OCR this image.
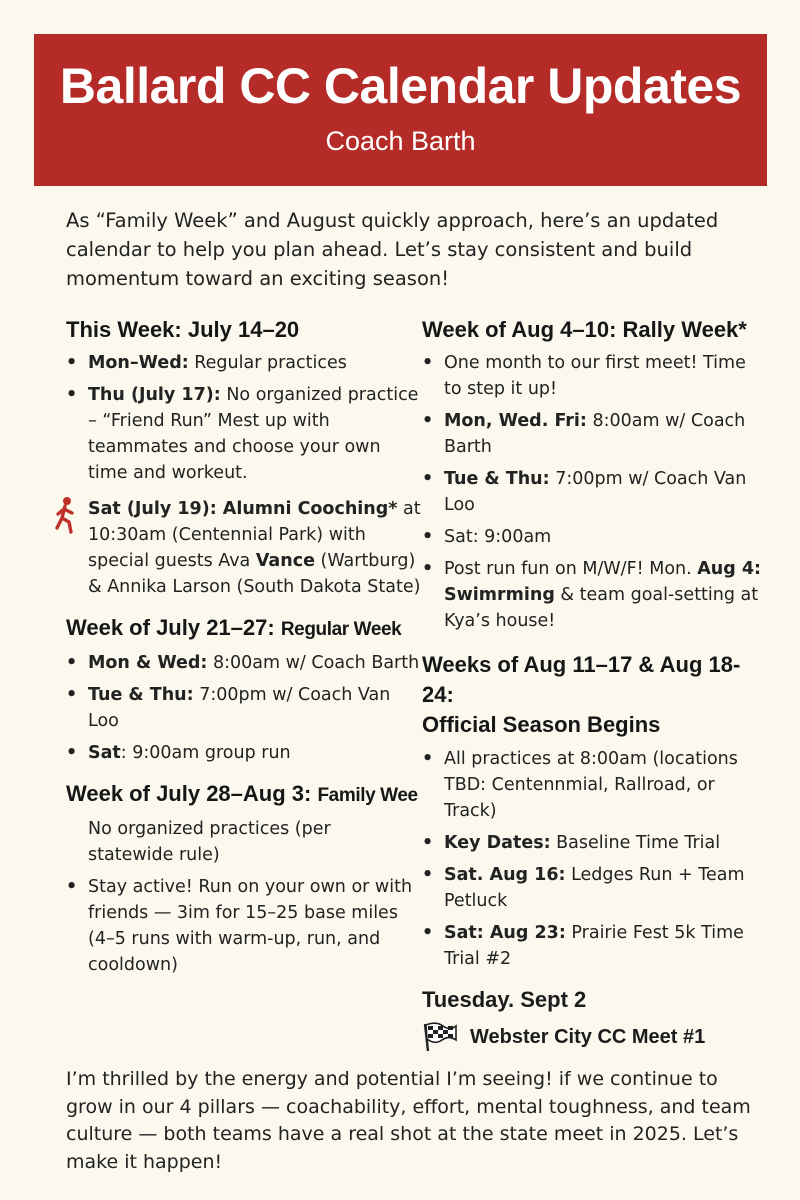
Ballard CC Calendar Updates
Coach Barth
As “Family Week” and August quickly approach, here’s an updated calendar to help you plan ahead. Let’s stay consistent and build momentum toward an exciting season!
This Week: July 14–20
• Mon–Wed: Regular practices
• Thu (July 17): No organized practice – “Friend Run” Mest up with teammates and choose your own time and workeut.
Sat (July 19): Alumni Cooching* at 10:30am (Centennial Park) with special guests Ava Vance (Wartburg) & Annika Larson (South Dakota State)
Week of July 21–27: Regular Week
• Mon & Wed: 8:00am w/ Coach Barth
• Tue & Thu: 7:00pm w/ Coach Van Loo
• Sat: 9:00am group run
Week of July 28–Aug 3: Family Wee
No organized practices (per statewide rule)
• Stay active! Run on your own or with friends — 3im for 15–25 base miles (4–5 runs with warm-up, run, and cooldown)
Week of Aug 4–10: Rally Week*
• One month to our first meet! Time to step it up!
• Mon, Wed. Fri: 8:00am w/ Coach Barth
• Tue & Thu: 7:00pm w/ Coach Van Loo
• Sat: 9:00am
• Post run fun on M/W/F! Mon. Aug 4: Swimrming & team goal-setting at Kya’s house!
Weeks of Aug 11–17 & Aug 18-24:
Official Season Begins
• All practices at 8:00am (locations TBD: Centennmial, Rallroad, or Track)
• Key Dates: Baseline Time Trial
• Sat. Aug 16: Ledges Run + Team Petluck
• Sat: Aug 23: Prairie Fest 5k Time Trial #2
Tuesday. Sept 2
Webster City CC Meet #1
I’m thrilled by the energy and potential I’m seeing! if we continue to grow in our 4 pillars — coachability, effort, mental toughness, and team culture — both teams have a real shot at the state meet in 2025. Let’s make it happen!
